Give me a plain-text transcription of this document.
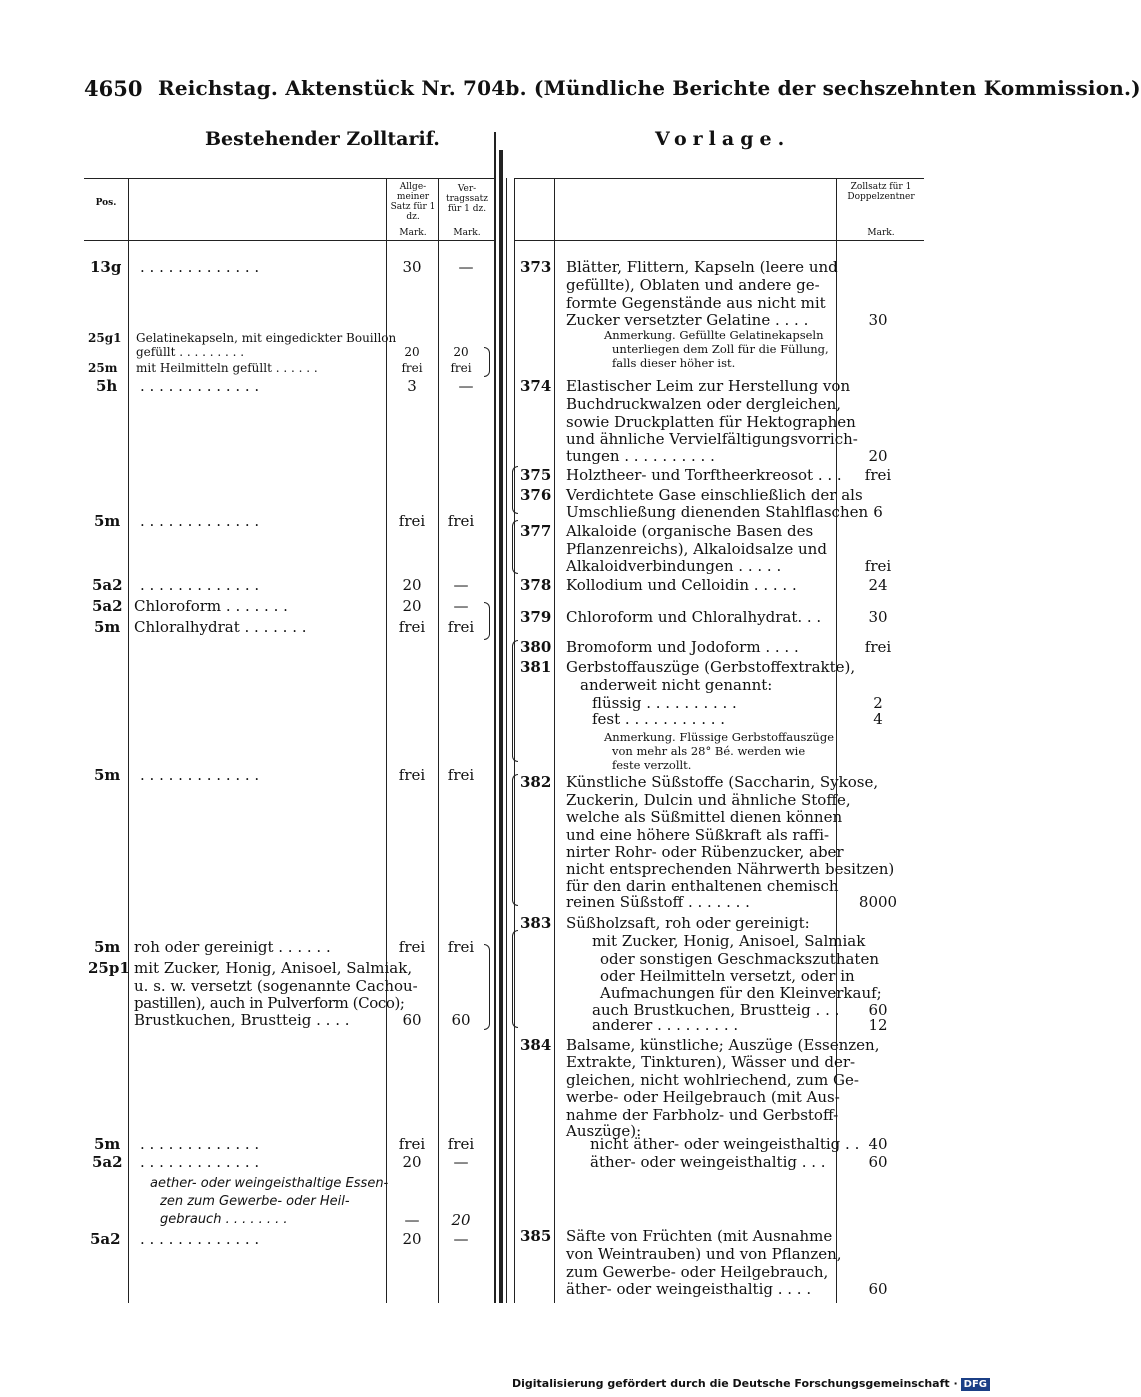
4650 Reichstag. Aktenstück Nr. 704b. (Mündliche Berichte der sechszehnten Kommission.)
Bestehender Zolltarif.	Vorlage.
Pos.
Allge- meiner Satz für 1 dz.
Ver- tragssatz für 1 dz.
Mark.	Mark.
Zollsatz für 1 Doppelzentner
Mark.
13g . . . . . . . . . . . . .	30	—
25g1 Gelatinekapseln, mit eingedickter Bouillon
gefüllt . . . . . . . . .	20	20
25m mit Heilmitteln gefüllt . . . . . .	frei	frei
5h . . . . . . . . . . . . .	3	—
5m . . . . . . . . . . . . .	frei	frei
5a2 . . . . . . . . . . . . .	20	—
5a2 Chloroform . . . . . . .	20	—
5m Chloralhydrat . . . . . . .	frei	frei
5m . . . . . . . . . . . . .	frei	frei
5m roh oder gereinigt . . . . . .	frei	frei
25p1 mit Zucker, Honig, Anisoel, Salmiak,
u. s. w. versetzt (sogenannte Cachou-
pastillen), auch in Pulverform (Coco);
Brustkuchen, Brustteig . . . .	60	60
5m . . . . . . . . . . . . .	frei	frei
5a2 . . . . . . . . . . . . .	20	—
aether- oder weingeisthaltige Essen-
zen zum Gewerbe- oder Heil-
gebrauch . . . . . . . .	—	20
5a2 . . . . . . . . . . . . .	20	—
373 Blätter, Flittern, Kapseln (leere und
gefüllte), Oblaten und andere ge-
formte Gegenstände aus nicht mit
Zucker versetzter Gelatine . . . .	30
Anmerkung. Gefüllte Gelatinekapseln
unterliegen dem Zoll für die Füllung,
falls dieser höher ist.
374 Elastischer Leim zur Herstellung von
Buchdruckwalzen oder dergleichen,
sowie Druckplatten für Hektographen
und ähnliche Vervielfältigungsvorrich-
tungen . . . . . . . . . .	20
375 Holztheer- und Torftheerkreosot . . .	frei
376 Verdichtete Gase einschließlich der als
Umschließung dienenden Stahlflaschen 6
377 Alkaloide (organische Basen des
Pflanzenreichs), Alkaloidsalze und
Alkaloidverbindungen . . . . .	frei
378 Kollodium und Celloidin . . . . .	24
379 Chloroform und Chloralhydrat. . .	30
380 Bromoform und Jodoform . . . .	frei
381 Gerbstoffauszüge (Gerbstoffextrakte),
anderweit nicht genannt:
flüssig . . . . . . . . . .	2
fest . . . . . . . . . . .	4
Anmerkung. Flüssige Gerbstoffauszüge
von mehr als 28° Bé. werden wie
feste verzollt.
382 Künstliche Süßstoffe (Saccharin, Sykose,
Zuckerin, Dulcin und ähnliche Stoffe,
welche als Süßmittel dienen können
und eine höhere Süßkraft als raffi-
nirter Rohr- oder Rübenzucker, aber
nicht entsprechenden Nährwerth besitzen)
für den darin enthaltenen chemisch
reinen Süßstoff . . . . . . .	8000
383 Süßholzsaft, roh oder gereinigt:
mit Zucker, Honig, Anisoel, Salmiak
oder sonstigen Geschmackszuthaten
oder Heilmitteln versetzt, oder in
Aufmachungen für den Kleinverkauf;
auch Brustkuchen, Brustteig . . .	60
anderer . . . . . . . . .	12
384 Balsame, künstliche; Auszüge (Essenzen,
Extrakte, Tinkturen), Wässer und der-
gleichen, nicht wohlriechend, zum Ge-
werbe- oder Heilgebrauch (mit Aus-
nahme der Farbholz- und Gerbstoff-
Auszüge):
nicht äther- oder weingeisthaltig . . 40
äther- oder weingeisthaltig . . .	60
385 Säfte von Früchten (mit Ausnahme
von Weintrauben) und von Pflanzen,
zum Gewerbe- oder Heilgebrauch,
äther- oder weingeisthaltig . . . .	60
Digitalisierung gefördert durch die Deutsche Forschungsgemeinschaft · DFG
